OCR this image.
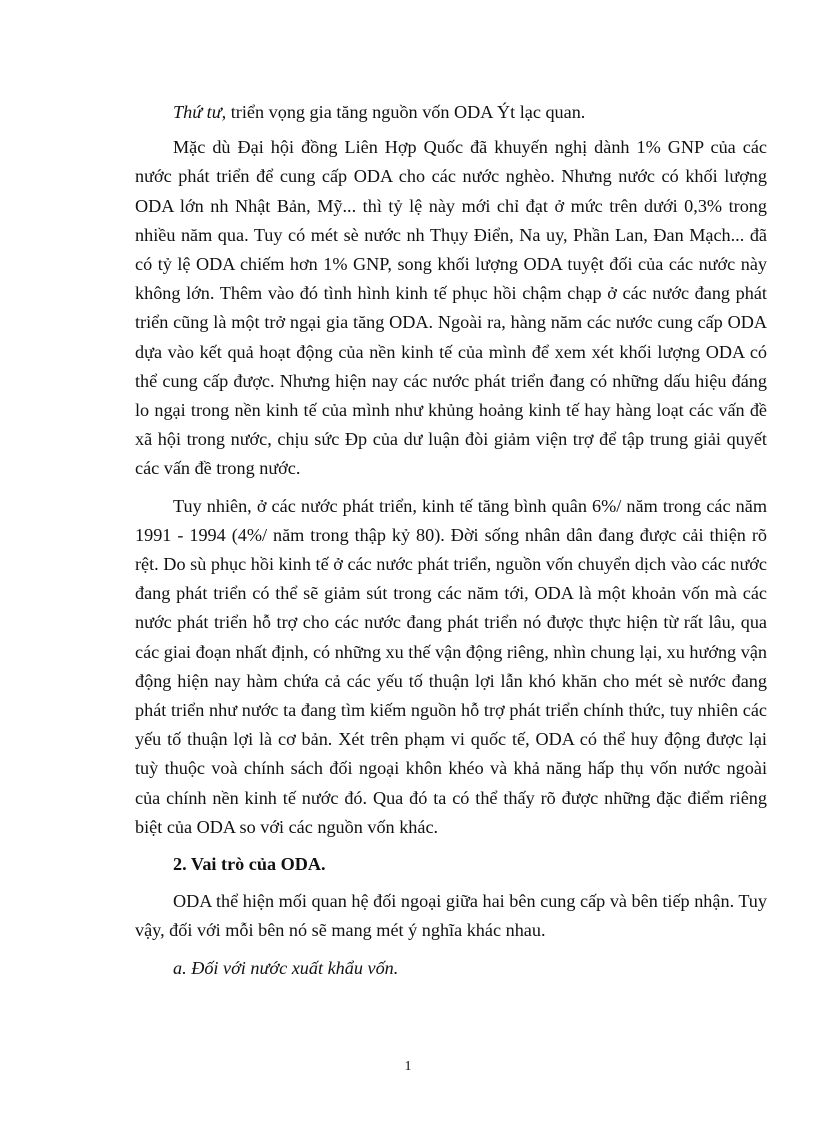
Thứ tư, triển vọng gia tăng nguồn vốn ODA Ýt lạc quan.

Mặc dù Đại hội đồng Liên Hợp Quốc đã khuyến nghị dành 1% GNP của các nước phát triển để cung cấp ODA cho các nước nghèo. Nhưng nước có khối lượng ODA lớn nh Nhật Bản, Mỹ... thì tỷ lệ này mới chỉ đạt ở mức trên dưới 0,3% trong nhiều năm qua. Tuy có mét sè nước nh Thụy Điển, Na uy, Phần Lan, Đan Mạch... đã có tỷ lệ ODA chiếm hơn 1% GNP, song khối lượng ODA tuyệt đối của các nước này không lớn. Thêm vào đó tình hình kinh tế phục hồi chậm chạp ở các nước đang phát triển cũng là một trở ngại gia tăng ODA. Ngoài ra, hàng năm các nước cung cấp ODA dựa vào kết quả hoạt động của nền kinh tế của mình để xem xét khối lượng ODA có thể cung cấp được. Nhưng hiện nay các nước phát triển đang có những dấu hiệu đáng lo ngại trong nền kinh tế của mình như khủng hoảng kinh tế hay hàng loạt các vấn đề xã hội trong nước, chịu sức Ðp của dư luận đòi giảm viện trợ để tập trung giải quyết các vấn đề trong nước.

Tuy nhiên, ở các nước phát triển, kinh tế tăng bình quân 6%/ năm trong các năm 1991 - 1994 (4%/ năm trong thập kỷ 80). Đời sống nhân dân đang được cải thiện rõ rệt. Do sù phục hồi kinh tế ở các nước phát triển, nguồn vốn chuyển dịch vào các nước đang phát triển có thể sẽ giảm sút trong các năm tới, ODA là một khoản vốn mà các nước phát triển hỗ trợ cho các nước đang phát triển nó được thực hiện từ rất lâu, qua các giai đoạn nhất định, có những xu thế vận động riêng, nhìn chung lại, xu hướng vận động hiện nay hàm chứa cả các yếu tố thuận lợi lẫn khó khăn cho mét sè nước đang phát triển như nước ta đang tìm kiếm nguồn hỗ trợ phát triển chính thức, tuy nhiên các yếu tố thuận lợi là cơ bản. Xét trên phạm vi quốc tế, ODA có thể huy động được lại tuỳ thuộc voà chính sách đối ngoại khôn khéo và khả năng hấp thụ vốn nước ngoài của chính nền kinh tế nước đó. Qua đó ta có thể thấy rõ được những đặc điểm riêng biệt của ODA so với các nguồn vốn khác.

2. Vai trò của ODA.

ODA thể hiện mối quan hệ đối ngoại giữa hai bên cung cấp và bên tiếp nhận. Tuy vậy, đối với mỗi bên nó sẽ mang mét ý nghĩa khác nhau.

a. Đối với nước xuất khẩu vốn.

1
